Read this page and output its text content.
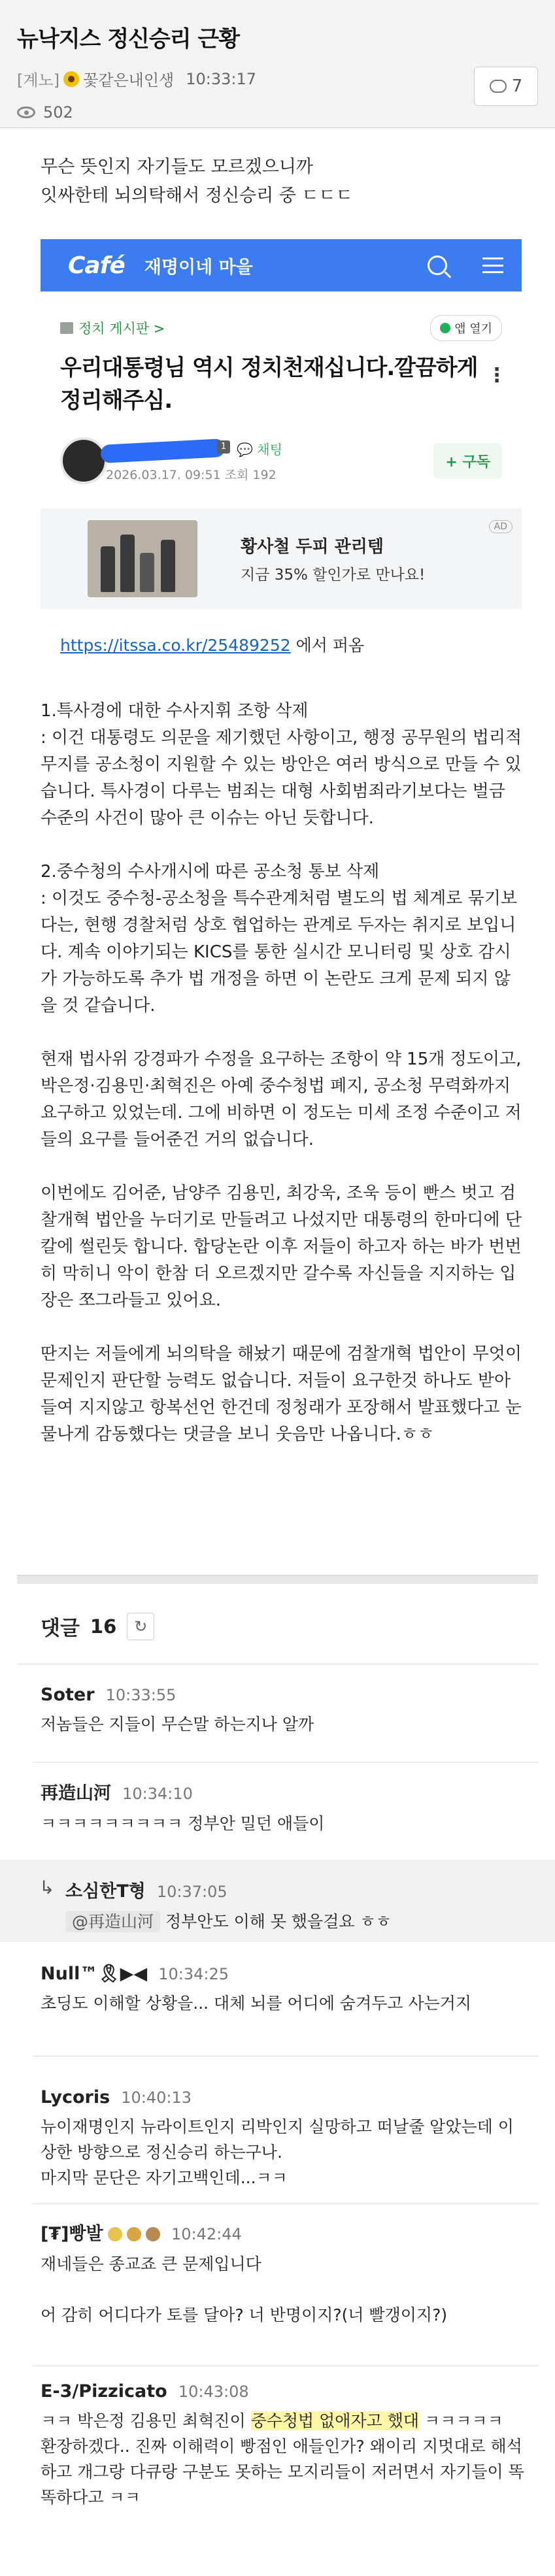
뉴낙지스 정신승리 근황
[계노] 꽃같은내인생 10:33:17
502
7
무슨 뜻인지 자기들도 모르겠으니까
잇싸한테 뇌의탁해서 정신승리 중 ㄷㄷㄷ
Café 재명이네 마을
정치 게시판 >	앱 열기
우리대통령님 역시 정치천재십니다.깔끔하게 정리해주심.
⋮
1 💬 채팅
2026.03.17. 09:51 조회 192
+ 구독
황사철 두피 관리템
지금 35% 할인가로 만나요!
AD
https://itssa.co.kr/25489252 에서 퍼옴
1.특사경에 대한 수사지휘 조항 삭제
: 이건 대통령도 의문을 제기했던 사항이고, 행정 공무원의 법리적 무지를 공소청이 지원할 수 있는 방안은 여러 방식으로 만들 수 있습니다. 특사경이 다루는 범죄는 대형 사회범죄라기보다는 벌금 수준의 사건이 많아 큰 이슈는 아닌 듯합니다.
2.중수청의 수사개시에 따른 공소청 통보 삭제
: 이것도 중수청-공소청을 특수관계처럼 별도의 법 체계로 묶기보다는, 현행 경찰처럼 상호 협업하는 관계로 두자는 취지로 보입니다. 계속 이야기되는 KICS를 통한 실시간 모니터링 및 상호 감시가 가능하도록 추가 법 개정을 하면 이 논란도 크게 문제 되지 않을 것 같습니다.
현재 법사위 강경파가 수정을 요구하는 조항이 약 15개 정도이고, 박은정·김용민·최혁진은 아예 중수청법 폐지, 공소청 무력화까지 요구하고 있었는데. 그에 비하면 이 정도는 미세 조정 수준이고 저들의 요구를 들어준건 거의 없습니다.
이번에도 김어준, 남양주 김용민, 최강욱, 조욱 등이 빤스 벗고 검찰개혁 법안을 누더기로 만들려고 나섰지만 대통령의 한마디에 단칼에 썰린듯 합니다. 합당논란 이후 저들이 하고자 하는 바가 번번히 막히니 악이 한참 더 오르겠지만 갈수록 자신들을 지지하는 입장은 쪼그라들고 있어요.
딴지는 저들에게 뇌의탁을 해놨기 때문에 검찰개혁 법안이 무엇이 문제인지 판단할 능력도 없습니다. 저들이 요구한것 하나도 받아들여 지지않고 항복선언 한건데 정청래가 포장해서 발표했다고 눈물나게 감동했다는 댓글을 보니 웃음만 나옵니다.ㅎㅎ
댓글 16	↻
Soter 10:33:55
저놈들은 지들이 무슨말 하는지나 알까
再造山河 10:34:10
ㅋㅋㅋㅋㅋㅋㅋㅋㅋ 정부안 밀던 애들이
↳ 소심한T형 10:37:05
@再造山河 정부안도 이해 못 했을걸요 ㅎㅎ
Null™🎗▶◀ 10:34:25
초딩도 이해할 상황을... 대체 뇌를 어디에 숨겨두고 사는거지
Lycoris 10:40:13
뉴이재명인지 뉴라이트인지 리박인지 실망하고 떠날줄 알았는데 이상한 방향으로 정신승리 하는구나.
마지막 문단은 자기고백인데...ㅋㅋ
[₮]빵발	10:42:44
재네들은 종교죠 큰 문제입니다

어 감히 어디다가 토를 달아? 너 반명이지?(너 빨갱이지?)
E-3/Pizzicato 10:43:08
ㅋㅋ 박은정 김용민 최혁진이 중수청법 없애자고 했대 ㅋㅋㅋㅋㅋ
환장하겠다.. 진짜 이해력이 빵점인 애들인가? 왜이리 지멋대로 해석하고 개그랑 다큐랑 구분도 못하는 모지리들이 저러면서 자기들이 똑똑하다고 ㅋㅋ
